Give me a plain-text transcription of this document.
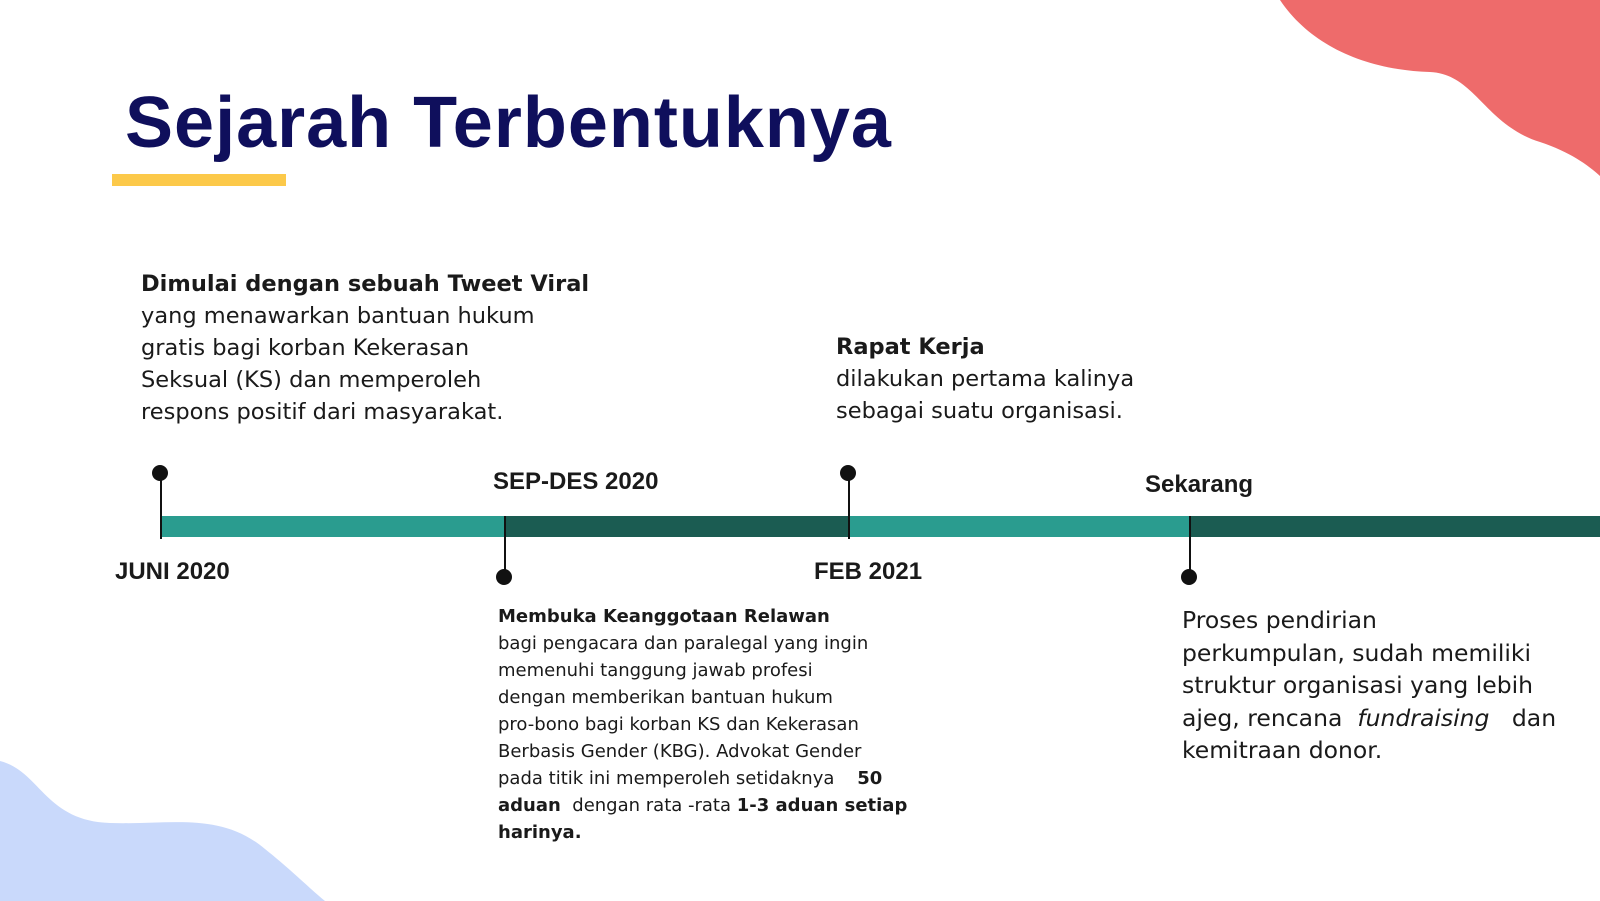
Sejarah Terbentuknya

JUNI 2020

SEP-DES 2020

FEB 2021

Sekarang

Dimulai dengan sebuah Tweet Viral
yang menawarkan bantuan hukum
gratis bagi korban Kekerasan
Seksual (KS) dan memperoleh
respons positif dari masyarakat.
Membuka Keanggotaan Relawan
bagi pengacara dan paralegal yang ingin
memenuhi tanggung jawab profesi
dengan memberikan bantuan hukum
pro-bono bagi korban KS dan Kekerasan
Berbasis Gender (KBG). Advokat Gender
pada titik ini memperoleh setidaknya 50
aduan dengan rata -rata 1-3 aduan setiap
harinya.
Rapat Kerja
dilakukan pertama kalinya
sebagai suatu organisasi.
Proses pendirian
perkumpulan, sudah memiliki
struktur organisasi yang lebih
ajeg, rencana fundraising dan
kemitraan donor.
